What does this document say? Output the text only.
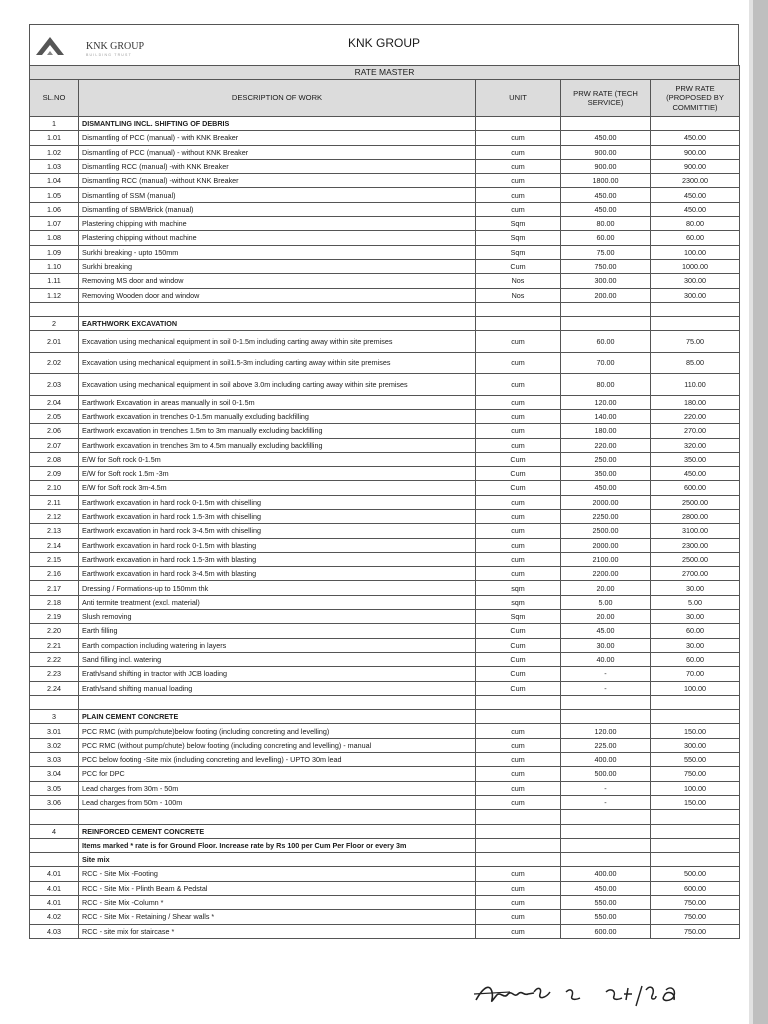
KNK GROUP
BUILDING TRUST
KNK GROUP
RATE MASTER				
SL.NO	DESCRIPTION OF WORK	UNIT	PRW RATE (TECH SERVICE)	PRW RATE (PROPOSED BY COMMITTIE)
1	DISMANTLING INCL. SHIFTING OF DEBRIS			
1.01	Dismantling of PCC (manual) - with KNK Breaker	cum	450.00	450.00
1.02	Dismantling of PCC (manual) - without KNK Breaker	cum	900.00	900.00
1.03	Dismantling RCC (manual) -with KNK Breaker	cum	900.00	900.00
1.04	Dismantling RCC (manual) -without KNK Breaker	cum	1800.00	2300.00
1.05	Dismantling of SSM (manual)	cum	450.00	450.00
1.06	Dismantling of SBM/Brick (manual)	cum	450.00	450.00
1.07	Plastering chipping with machine	Sqm	80.00	80.00
1.08	Plastering chipping without machine	Sqm	60.00	60.00
1.09	Surkhi breaking - upto 150mm	Sqm	75.00	100.00
1.10	Surkhi breaking	Cum	750.00	1000.00
1.11	Removing MS door and window	Nos	300.00	300.00
1.12	Removing Wooden door and window	Nos	200.00	300.00

2	EARTHWORK EXCAVATION			
2.01	Excavation using mechanical equipment in soil 0-1.5m including carting away within site premises	cum	60.00	75.00
2.02	Excavation using mechanical equipment in soil1.5-3m including carting away within site premises	cum	70.00	85.00
2.03	Excavation using mechanical equipment in soil above 3.0m including carting away within site premises	cum	80.00	110.00
2.04	Earthwork Excavation in areas manually in soil 0-1.5m	cum	120.00	180.00
2.05	Earthwork excavation in trenches 0-1.5m manually excluding backfilling	cum	140.00	220.00
2.06	Earthwork excavation in trenches 1.5m to 3m manually excluding backfilling	cum	180.00	270.00
2.07	Earthwork excavation in trenches 3m to 4.5m manually excluding backfilling	cum	220.00	320.00
2.08	E/W for Soft rock 0-1.5m	Cum	250.00	350.00
2.09	E/W for Soft rock 1.5m -3m	Cum	350.00	450.00
2.10	E/W for Soft rock 3m-4.5m	Cum	450.00	600.00
2.11	Earthwork excavation in hard rock 0-1.5m with chiselling	cum	2000.00	2500.00
2.12	Earthwork excavation in hard rock 1.5-3m with chiselling	cum	2250.00	2800.00
2.13	Earthwork excavation in hard rock 3-4.5m with chiselling	cum	2500.00	3100.00
2.14	Earthwork excavation in hard rock 0-1.5m with blasting	cum	2000.00	2300.00
2.15	Earthwork excavation in hard rock 1.5-3m with blasting	cum	2100.00	2500.00
2.16	Earthwork excavation in hard rock 3-4.5m with blasting	cum	2200.00	2700.00
2.17	Dressing / Formations-up to 150mm thk	sqm	20.00	30.00
2.18	Anti termite treatment (excl. material)	sqm	5.00	5.00
2.19	Slush removing	Sqm	20.00	30.00
2.20	Earth filling	Cum	45.00	60.00
2.21	Earth compaction including watering in layers	Cum	30.00	30.00
2.22	Sand filling incl. watering	Cum	40.00	60.00
2.23	Erath/sand shifting in tractor with JCB loading	Cum	-	70.00
2.24	Erath/sand shifting manual loading	Cum	-	100.00

3	PLAIN CEMENT CONCRETE			
3.01	PCC RMC (with pump/chute)below footing (including concreting and levelling)	cum	120.00	150.00
3.02	PCC RMC (without pump/chute) below footing (including concreting and levelling) - manual	cum	225.00	300.00
3.03	PCC below footing -Site mix (including concreting and levelling) - UPTO 30m lead	cum	400.00	550.00
3.04	PCC for DPC	cum	500.00	750.00
3.05	Lead charges from 30m - 50m	cum	-	100.00
3.06	Lead charges from 50m - 100m	cum	-	150.00

4	REINFORCED CEMENT CONCRETE			
	Items marked * rate is for Ground Floor. Increase rate by Rs 100 per Cum Per Floor or every 3m			
	Site mix			
4.01	RCC - Site Mix -Footing	cum	400.00	500.00
4.01	RCC - Site Mix - Plinth Beam & Pedstal	cum	450.00	600.00
4.01	RCC - Site Mix -Column *	cum	550.00	750.00
4.02	RCC - Site Mix - Retaining / Shear walls *	cum	550.00	750.00
4.03	RCC - site mix for staircase *	cum	600.00	750.00
